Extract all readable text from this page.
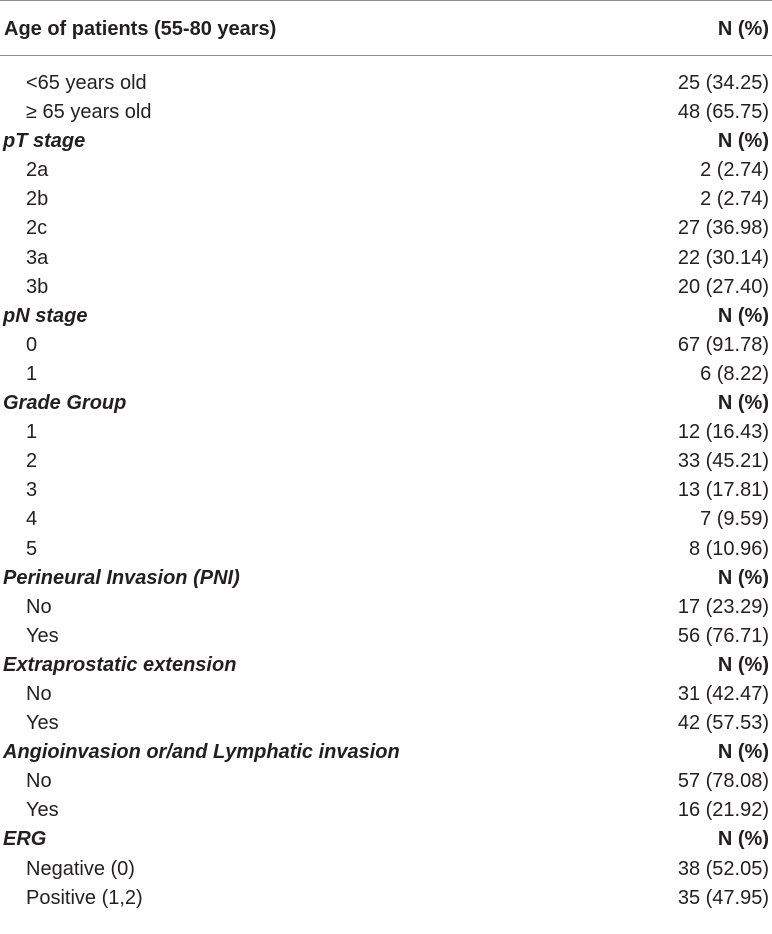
Age of patients (55-80 years)	N (%)
<65 years old	25 (34.25)
≥ 65 years old	48 (65.75)
pT stage	N (%)
2a	2 (2.74)
2b	2 (2.74)
2c	27 (36.98)
3a	22 (30.14)
3b	20 (27.40)
pN stage	N (%)
0	67 (91.78)
1	6 (8.22)
Grade Group	N (%)
1	12 (16.43)
2	33 (45.21)
3	13 (17.81)
4	7 (9.59)
5	8 (10.96)
Perineural Invasion (PNI)	N (%)
No	17 (23.29)
Yes	56 (76.71)
Extraprostatic extension	N (%)
No	31 (42.47)
Yes	42 (57.53)
Angioinvasion or/and Lymphatic invasion	N (%)
No	57 (78.08)
Yes	16 (21.92)
ERG	N (%)
Negative (0)	38 (52.05)
Positive (1,2)	35 (47.95)
